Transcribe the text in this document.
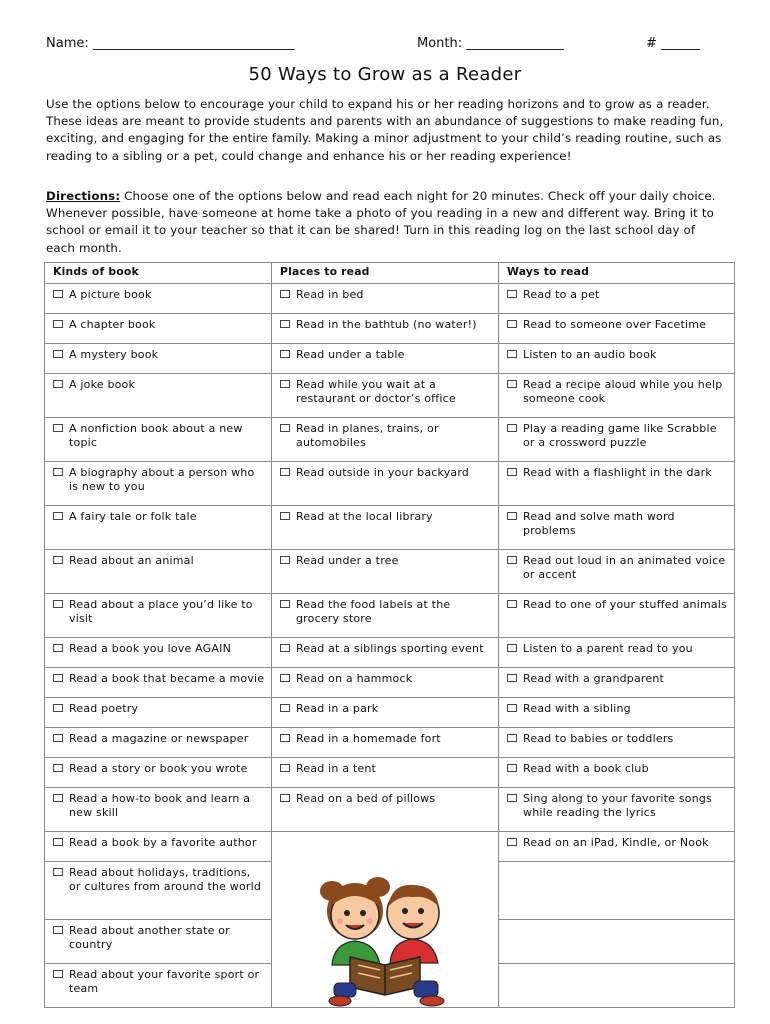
Name: _______________________________	Month: _______________	# ______
50 Ways to Grow as a Reader
Use the options below to encourage your child to expand his or her reading horizons and to grow as a reader. These ideas are meant to provide students and parents with an abundance of suggestions to make reading fun, exciting, and engaging for the entire family. Making a minor adjustment to your child’s reading routine, such as reading to a sibling or a pet, could change and enhance his or her reading experience!
Directions: Choose one of the options below and read each night for 20 minutes. Check off your daily choice. Whenever possible, have someone at home take a photo of you reading in a new and different way. Bring it to school or email it to your teacher so that it can be shared! Turn in this reading log on the last school day of each month.
Kinds of book	Places to read	Ways to read

A picture book	Read in bed	Read to a pet

A chapter book	Read in the bathtub (no water!)	Read to someone over Facetime

A mystery book	Read under a table	Listen to an audio book

A joke book	Read while you wait at a restaurant or doctor’s office	Read a recipe aloud while you help someone cook

A nonfiction book about a new topic	Read in planes, trains, or automobiles	Play a reading game like Scrabble or a crossword puzzle

A biography about a person who is new to you	Read outside in your backyard	Read with a flashlight in the dark

A fairy tale or folk tale	Read at the local library	Read and solve math word problems

Read about an animal	Read under a tree	Read out loud in an animated voice or accent

Read about a place you’d like to visit	Read the food labels at the grocery store	Read to one of your stuffed animals

Read a book you love AGAIN	Read at a siblings sporting event	Listen to a parent read to you

Read a book that became a movie	Read on a hammock	Read with a grandparent

Read poetry	Read in a park	Read with a sibling

Read a magazine or newspaper	Read in a homemade fort	Read to babies or toddlers

Read a story or book you wrote	Read in a tent	Read with a book club

Read a how-to book and learn a new skill	Read on a bed of pillows	Sing along to your favorite songs while reading the lyrics

Read a book by a favorite author		Read on an iPad, Kindle, or Nook

Read about holidays, traditions, or cultures from around the world		

Read about another state or country		

Read about your favorite sport or team		
